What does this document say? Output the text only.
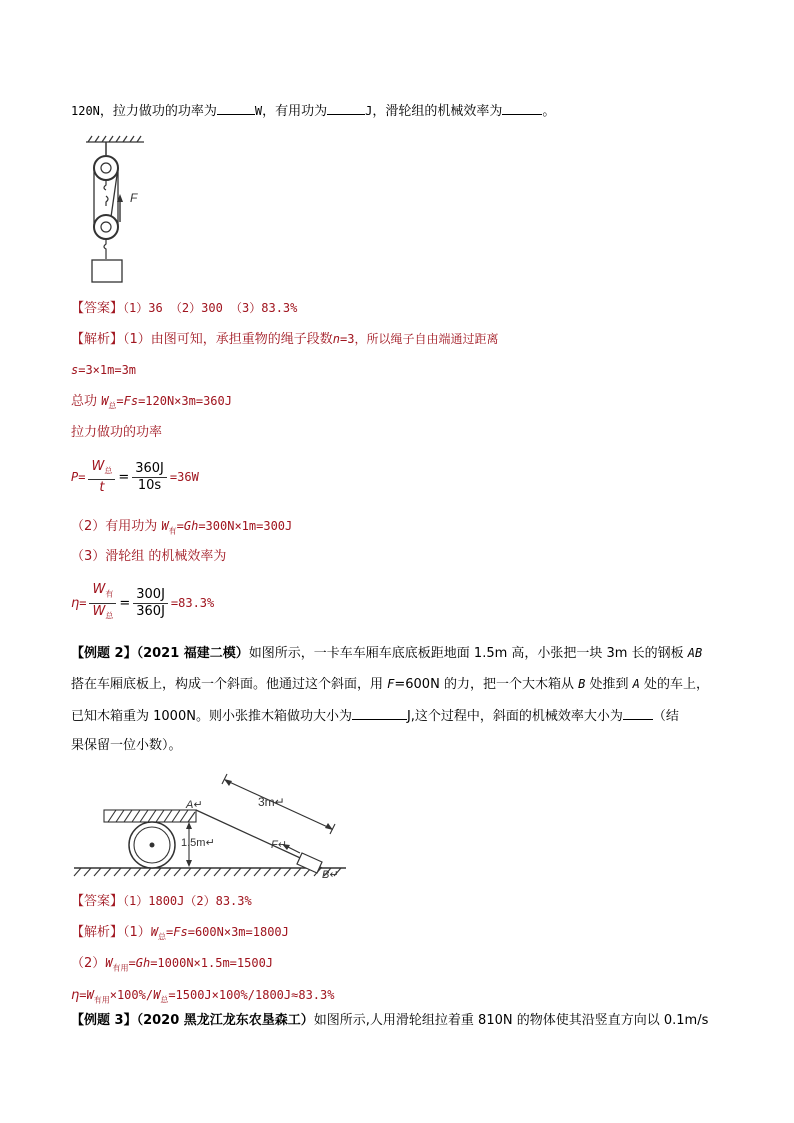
120N，拉力做功的功率为	W，有用功为	J，滑轮组的机械效率为	。
F
【答案】（1）36 （2）300 （3）83.3%
【解析】（1）由图可知，承担重物的绳子段数n=3，所以绳子自由端通过距离
s=3×1m=3m
总功 $W_总=Fs=120N\times 3m=360J$
拉力做功的功率
$P= \frac{W_总}{t} = \frac{360J}{10s} =36W$
（2）有用功为 $W_有=Gh=300N\times 1m=300J$
（3）滑轮组 的机械效率为
$\eta= \frac{W_有}{W_总} = \frac{300J}{360J} =83.3\%$
【例题 2】（2021 福建二模）如图所示，一卡车车厢车底底板距地面 1.5m 高，小张把一块 3m 长的钢板 AB
搭在车厢底板上，构成一个斜面。他通过这个斜面，用 F=600N 的力，把一个大木箱从 B 处推到 A 处的车上，
已知木箱重为 1000N。则小张推木箱做功大小为	J,这个过程中，斜面的机械效率大小为 （结
果保留一位小数）。
1.5m↵
3m↵
A↵
F↵
B↵
【答案】（1）1800J（2）83.3%
【解析】$(1)W_总=Fs=600N\times 3m=1800J$
$(2)W_{有用}=Gh=1000N\times 1.5m=1500J$
$\eta=W_{有用}\times 100\%/W_总=1500J\times 100\%/1800J\approx 83.3\%$
【例题 3】（2020 黑龙江龙东农垦森工）如图所示,人用滑轮组拉着重 810N 的物体使其沿竖直方向以 0.1m/s
